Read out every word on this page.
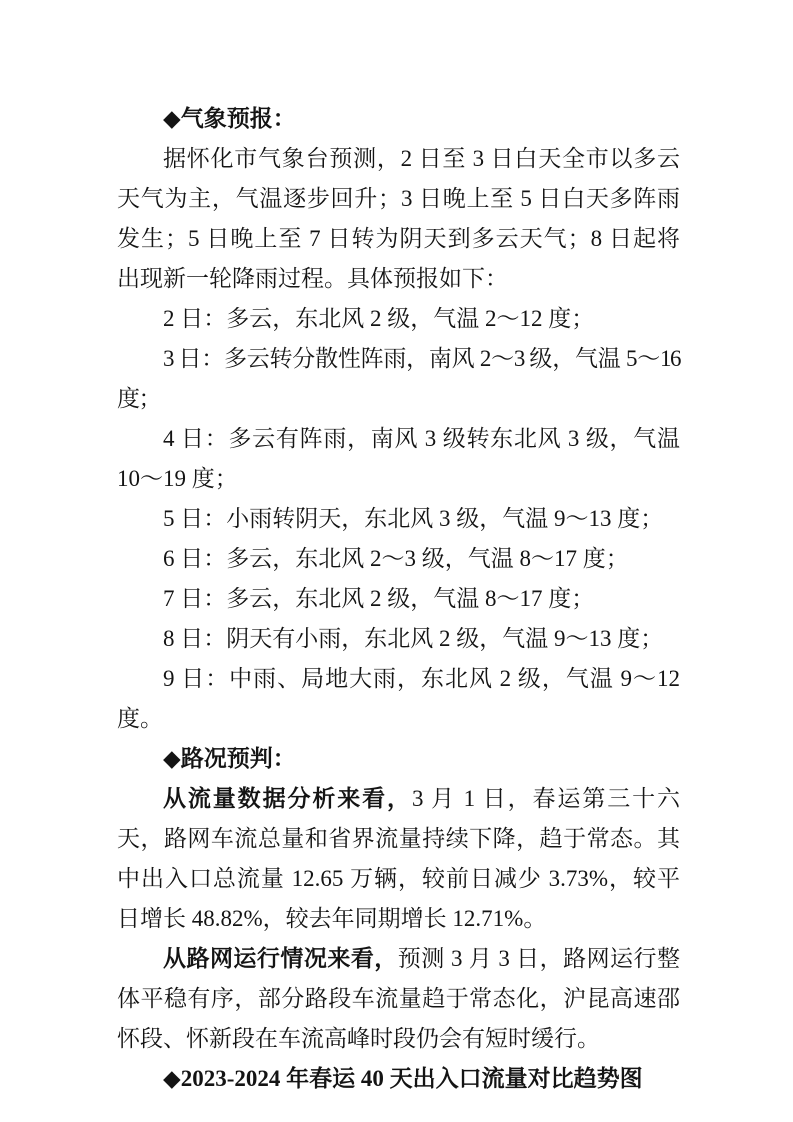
◆气象预报：

据怀化市气象台预测，2 日至 3 日白天全市以多云天气为主，气温逐步回升；3 日晚上至 5 日白天多阵雨发生；5 日晚上至 7 日转为阴天到多云天气；8 日起将出现新一轮降雨过程。具体预报如下：

2 日：多云，东北风 2 级，气温 2～12 度；

3 日：多云转分散性阵雨，南风 2～3 级，气温 5～16 度；

4 日：多云有阵雨，南风 3 级转东北风 3 级，气温 10～19 度；

5 日：小雨转阴天，东北风 3 级，气温 9～13 度；

6 日：多云，东北风 2～3 级，气温 8～17 度；

7 日：多云，东北风 2 级，气温 8～17 度；

8 日：阴天有小雨，东北风 2 级，气温 9～13 度；

9 日：中雨、局地大雨，东北风 2 级，气温 9～12 度。

◆路况预判：

从流量数据分析来看，3 月 1 日，春运第三十六天，路网车流总量和省界流量持续下降，趋于常态。其中出入口总流量 12.65 万辆，较前日减少 3.73%，较平日增长 48.82%，较去年同期增长 12.71%。

从路网运行情况来看，预测 3 月 3 日，路网运行整体平稳有序，部分路段车流量趋于常态化，沪昆高速邵怀段、怀新段在车流高峰时段仍会有短时缓行。

◆2023-2024 年春运 40 天出入口流量对比趋势图
